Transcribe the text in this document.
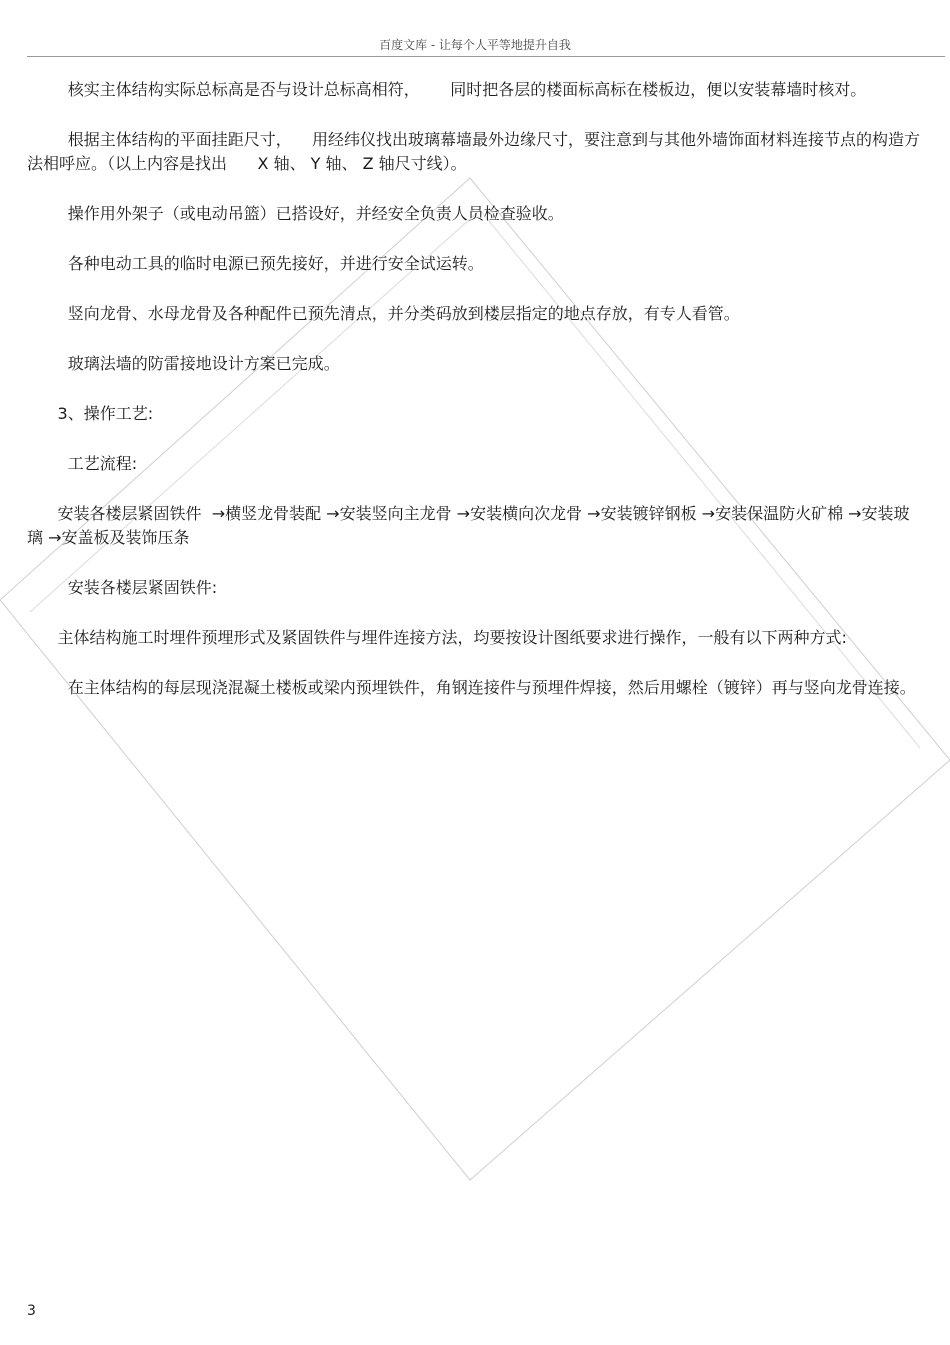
百度文库 - 让每个人平等地提升自我

核实主体结构实际总标高是否与设计总标高相符，      同时把各层的楼面标高标在楼板边，便以安装幕墙时核对。

根据主体结构的平面挂距尺寸，    用经纬仪找出玻璃幕墙最外边缘尺寸，要注意到与其他外墙饰面材料连接节点的构造方法相呼应。（以上内容是找出      X 轴、 Y 轴、 Z 轴尺寸线）。

操作用外架子（或电动吊篮）已搭设好，并经安全负责人员检查验收。

各种电动工具的临时电源已预先接好，并进行安全试运转。

竖向龙骨、水母龙骨及各种配件已预先清点，并分类码放到楼层指定的地点存放，有专人看管。

玻璃法墙的防雷接地设计方案已完成。

3、操作工艺:

工艺流程:

安装各楼层紧固铁件  →横竖龙骨装配 →安装竖向主龙骨 →安装横向次龙骨 →安装镀锌钢板 →安装保温防火矿棉 →安装玻璃 →安盖板及装饰压条

安装各楼层紧固铁件:

主体结构施工时埋件预埋形式及紧固铁件与埋件连接方法，均要按设计图纸要求进行操作，一般有以下两种方式:

在主体结构的每层现浇混凝土楼板或梁内预埋铁件，角钢连接件与预埋件焊接，然后用螺栓（镀锌）再与竖向龙骨连接。

3
